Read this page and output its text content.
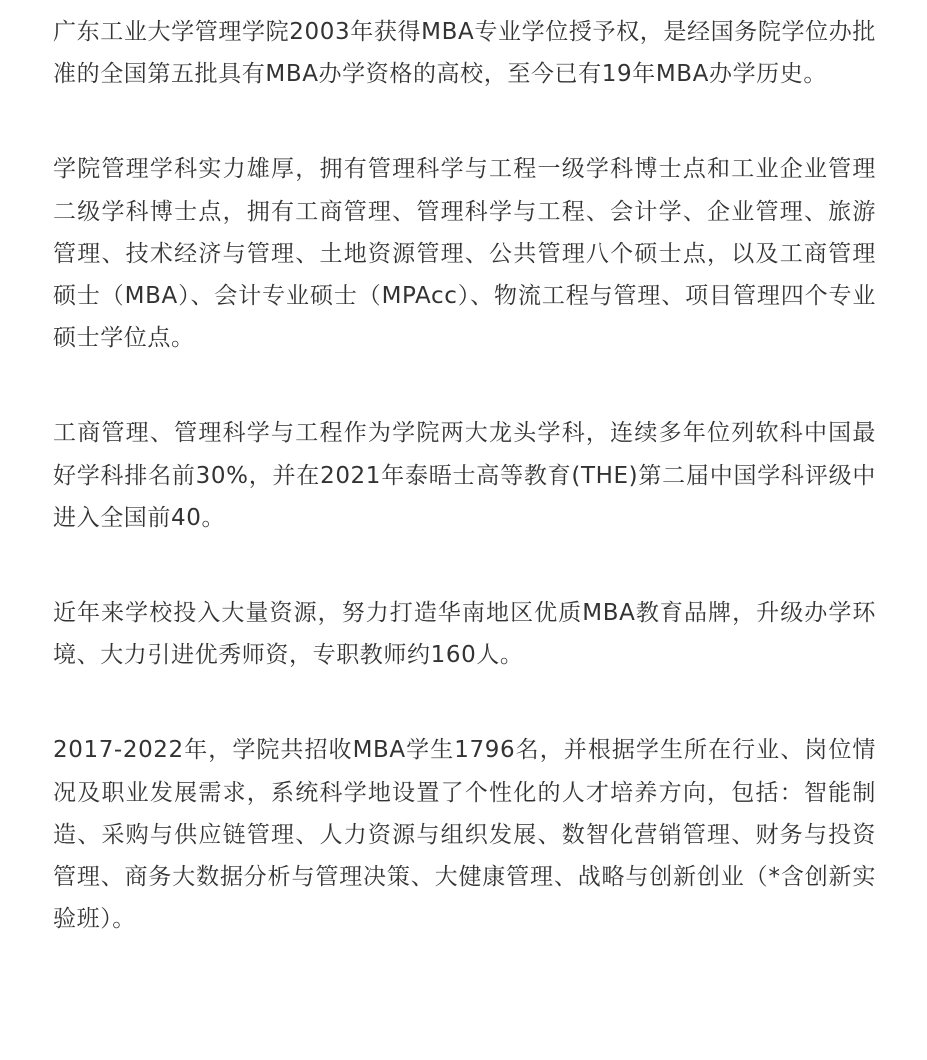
广东工业大学管理学院2003年获得MBA专业学位授予权，是经国务院学位办批准的全国第五批具有MBA办学资格的高校，至今已有19年MBA办学历史。

学院管理学科实力雄厚，拥有管理科学与工程一级学科博士点和工业企业管理二级学科博士点，拥有工商管理、管理科学与工程、会计学、企业管理、旅游管理、技术经济与管理、土地资源管理、公共管理八个硕士点，以及工商管理硕士（MBA）、会计专业硕士（MPAcc）、物流工程与管理、项目管理四个专业硕士学位点。

工商管理、管理科学与工程作为学院两大龙头学科，连续多年位列软科中国最好学科排名前30%，并在2021年泰晤士高等教育(THE)第二届中国学科评级中进入全国前40。

近年来学校投入大量资源，努力打造华南地区优质MBA教育品牌，升级办学环境、大力引进优秀师资，专职教师约160人。

2017-2022年，学院共招收MBA学生1796名，并根据学生所在行业、岗位情况及职业发展需求，系统科学地设置了个性化的人才培养方向，包括：智能制造、采购与供应链管理、人力资源与组织发展、数智化营销管理、财务与投资管理、商务大数据分析与管理决策、大健康管理、战略与创新创业（*含创新实验班）。
